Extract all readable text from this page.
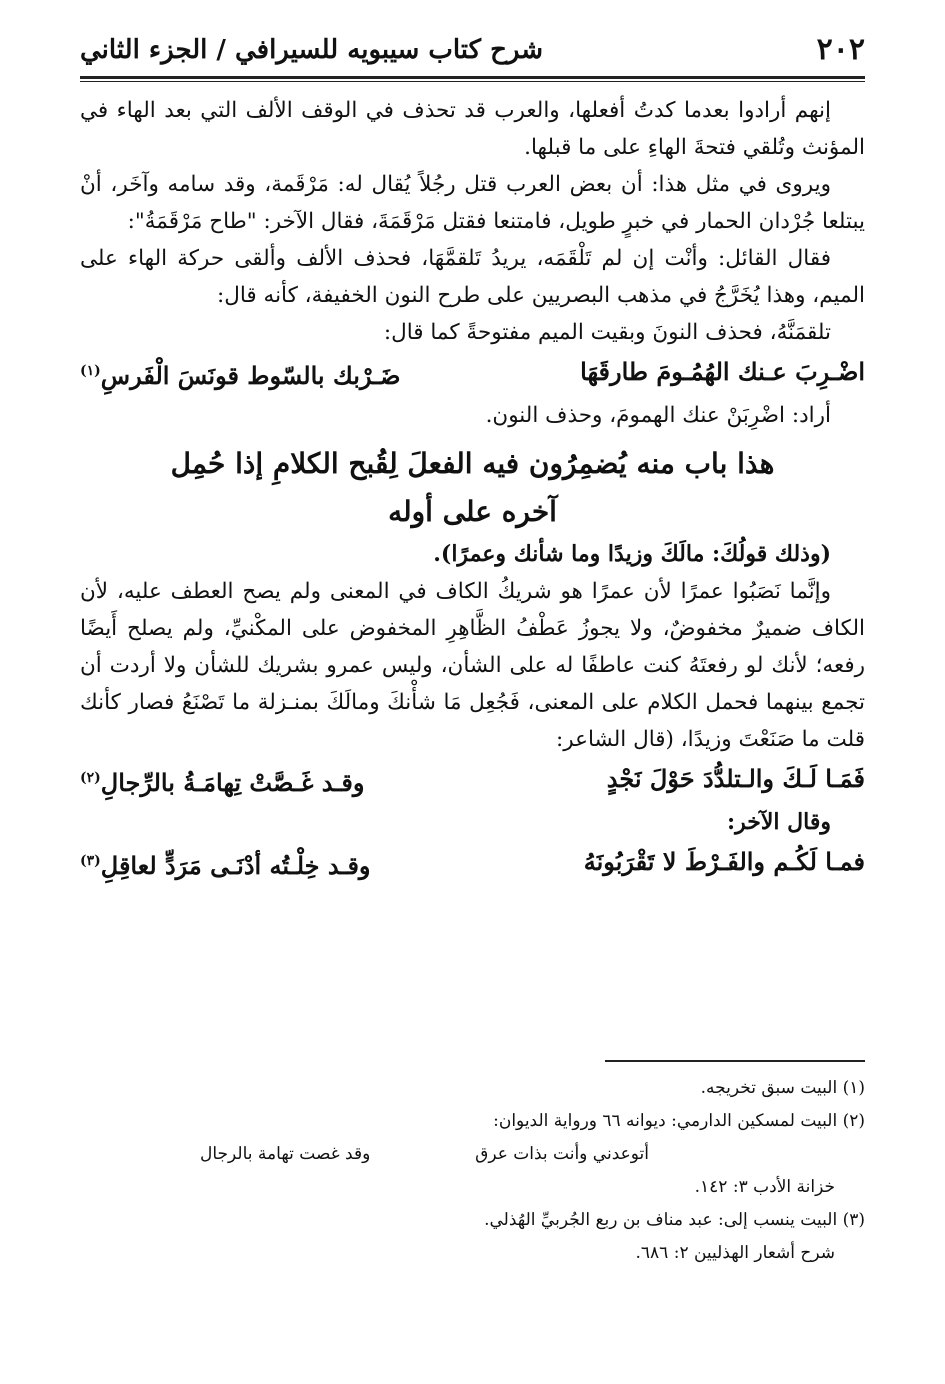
٢٠٢
شرح كتاب سيبويه للسيرافي / الجزء الثاني

إنهم أرادوا بعدما كدتُ أفعلها، والعرب قد تحذف في الوقف الألف التي بعد الهاء في المؤنث وتُلقي فتحةَ الهاءِ على ما قبلها.

ويروى في مثل هذا: أن بعض العرب قتل رجُلاً يُقال له: مَرْقَمة، وقد سامه وآخَر، أنْ يبتلعا جُرْدان الحمار في خبرٍ طويل، فامتنعا فقتل مَرْقَمَةَ، فقال الآخر: "طاح مَرْقَمَةُ":

فقال القائل: وأنْت إن لم تَلْقَمَه، يريدُ تَلقمَّهَا، فحذف الألف وألقى حركة الهاء على الميم، وهذا يُخَرَّجُ في مذهب البصريين على طرح النون الخفيفة، كأنه قال:

تلقمَنَّهُ، فحذف النونَ وبقيت الميم مفتوحةً كما قال:

اضْـرِبَ عـنك الهُمُـومَ طارقَهَا
ضَـرْبك بالسّوط قونَسَ الْفَرسِ$^{(١)}$

أراد: اضْرِبَنْ عنك الهمومَ، وحذف النون.

هذا باب منه يُضمِرُون فيه الفعلَ لِقُبح الكلامِ إذا حُمِل
آخره على أوله

(وذلك قولُكَ: مالَكَ وزيدًا وما شأنك وعمرًا).

وإنَّما نَصَبُوا عمرًا لأن عمرًا هو شريكُ الكاف في المعنى ولم يصح العطف عليه، لأن الكاف ضميرٌ مخفوضٌ، ولا يجوزُ عَطْفُ الظَّاهِرِ المخفوض على المكْنيِّ، ولم يصلح أَيضًا رفعه؛ لأنك لو رفعتَهُ كنت عاطفًا له على الشأن، وليس عمرو بشريك للشأن ولا أردت أن تجمع بينهما فحمل الكلام على المعنى، فَجُعِل مَا شأْنكَ ومالَكَ بمنـزلة ما تَصْنَعُ فصار كأنك قلت ما صَنَعْتَ وزيدًا، (قال الشاعر:

فَمَـا لَـكَ والـتلدُّدَ حَوْلَ نَجْدٍ
وقـد غَـصَّتْ تِهامَـةُ بالرِّجالِ$^{(٢)}$

وقال الآخر:

فمـا لَكُـم والفَـرْطَ لا تَقْرَبُونَهُ
وقـد خِلْـتُه أدْنَـى مَرَدٍّ لعاقِلِ$^{(٣)}$

(١) البيت سبق تخريجه.

(٢) البيت لمسكين الدارمي: ديوانه ٦٦ ورواية الديوان:

أتوعدني وأنت بذات عرق
وقد غصت تهامة بالرجال

خزانة الأدب ٣: ١٤٢.

(٣) البيت ينسب إلى: عبد مناف بن ربع الجُربيِّ الهُذلي.

شرح أشعار الهذليين ٢: ٦٨٦.
